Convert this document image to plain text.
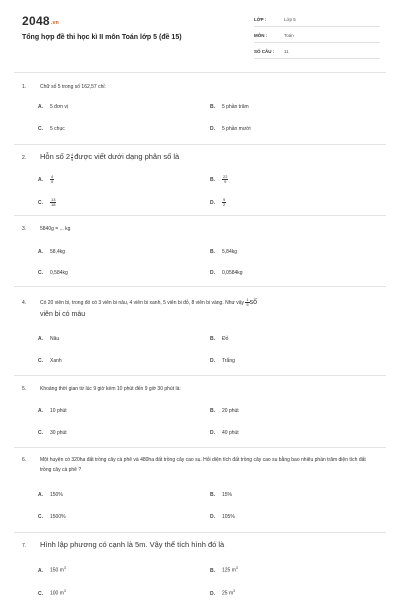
2048.vn
Tổng hợp đề thi học kì II môn Toán lớp 5 (đề 15)
LỚP :	Lớp 5
MÔN :	Toán
SỐ CÂU : 11
1.	Chữ số 5 trong số 162,57 chỉ:
A. 5 đơn vị	B. 5 phần trăm
C. 5 chục	D. 5 phần mười
2. Hỗn số $2 \frac{4}{9}được$ viết dưới dạng phân số là
A. $\frac{4}{9}$	B. $\frac{22}{9}$
C. $\frac{13}{18}$	D. $\frac{9}{2}$
3.	5840g = ... kg
A. 58,4kg	B. 5,84kg
C. 0,584kg	D. 0,0584kg
4.	Có 20 viên bi, trong đó có 3 viên bi nâu, 4 viên bi xanh, 5 viên bi đỏ, 8 viên bi vàng. Như vậy $\frac{1}{5}$ số
viên bi có màu
A. Nâu	B. Đỏ
C. Xanh	D. Trắng
5.	Khoảng thời gian từ lúc 9 giờ kém 10 phút đến 9 giờ 30 phút là:
A. 10 phút	B. 20 phút
C. 30 phút	D. 40 phút
6.	Một huyện có 320ha đất trồng cây cà phê và 480ha đất trồng cây cao su. Hỏi diện tích đất trồng cây cao su bằng bao nhiêu phần trăm diện tích đất trồng cây cà phê ?
A. 150%	B. 15%
C. 1500%	D. 105%
7. Hình lập phương có cạnh là 5m. Vậy thể tích hình đó là
A. 150 $m^3$	B. 125 $m^3$
C. 100 $m^3$	D. 25 $m^3$
